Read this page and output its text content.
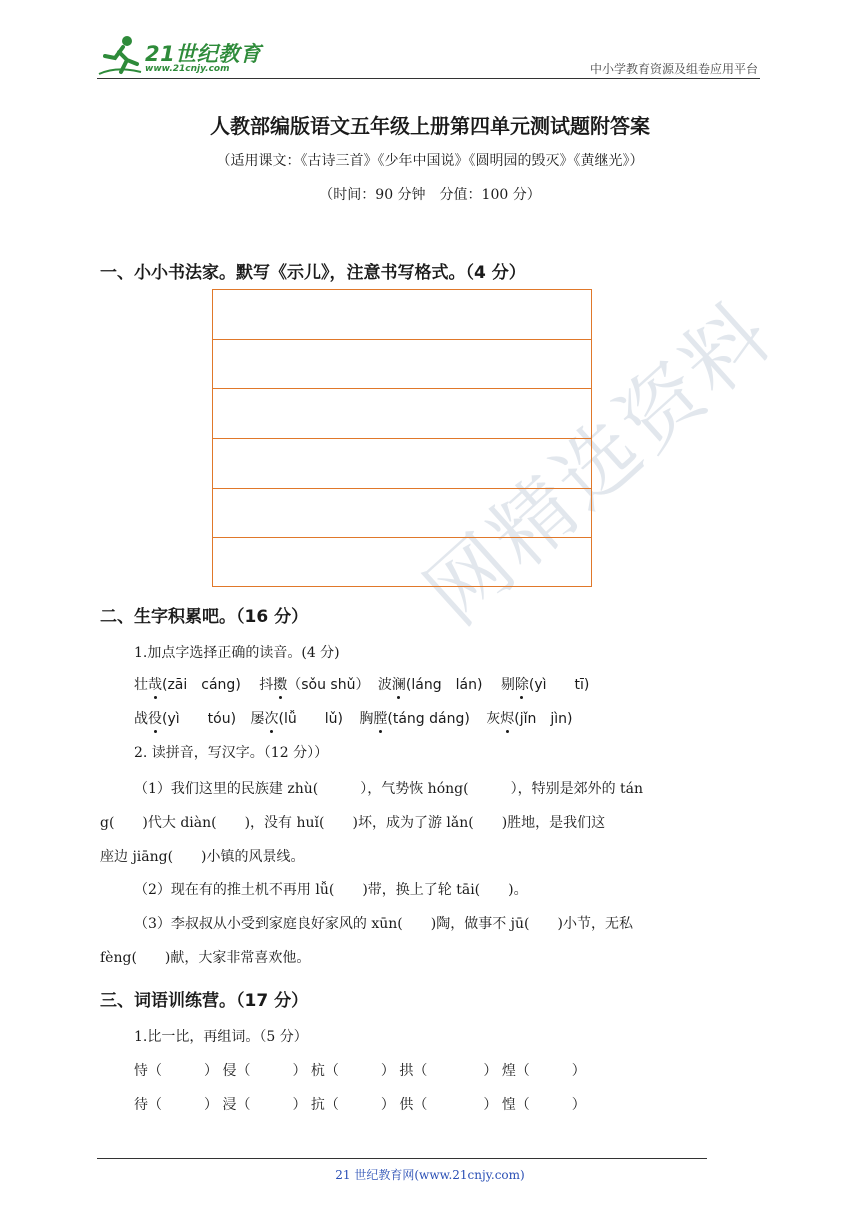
21世纪教育
www.21cnjy.com	中小学教育资源及组卷应用平台
网精选资料
人教部编版语文五年级上册第四单元测试题附答案
（适用课文：《古诗三首》《少年中国说》《圆明园的毁灭》《黄继光》）
（时间：90 分钟　分值：100 分）
一、小小书法家。默写《示儿》，注意书写格式。（4 分）
二、生字积累吧。（16 分）
1.加点字选择正确的读音。(4 分)
壮哉(zāi　cáng) 抖擞（sǒu shǔ） 波澜(láng　lán) 剔除(yì　　tī)
战役(yì　　tóu) 屡次(lǚ　　lǔ) 胸膛(táng dáng) 灰烬(jǐn　jìn)
2. 读拼音，写汉字。（12 分））
（1）我们这里的民族建 zhù(　　　），气势恢 hóng(　　　），特别是郊外的 tán
g(　　)代大 diàn(　　)，没有 huǐ(　　)坏，成为了游 lǎn(　　)胜地，是我们这
座边 jiāng(　　)小镇的风景线。
（2）现在有的推土机不再用 lǚ(　　)带，换上了轮 tāi(　　)。
（3）李叔叔从小受到家庭良好家风的 xūn(　　)陶，做事不 jū(　　)小节，无私
fèng(　　)献，大家非常喜欢他。
三、词语训练营。（17 分）
1.比一比，再组词。（5 分）
恃（　　　） 侵（　　　） 杭（　　　） 拱（　　　　） 煌（　　　）
待（　　　） 浸（　　　） 抗（　　　） 供（　　　　） 惶（　　　）
21 世纪教育网(www.21cnjy.com)
